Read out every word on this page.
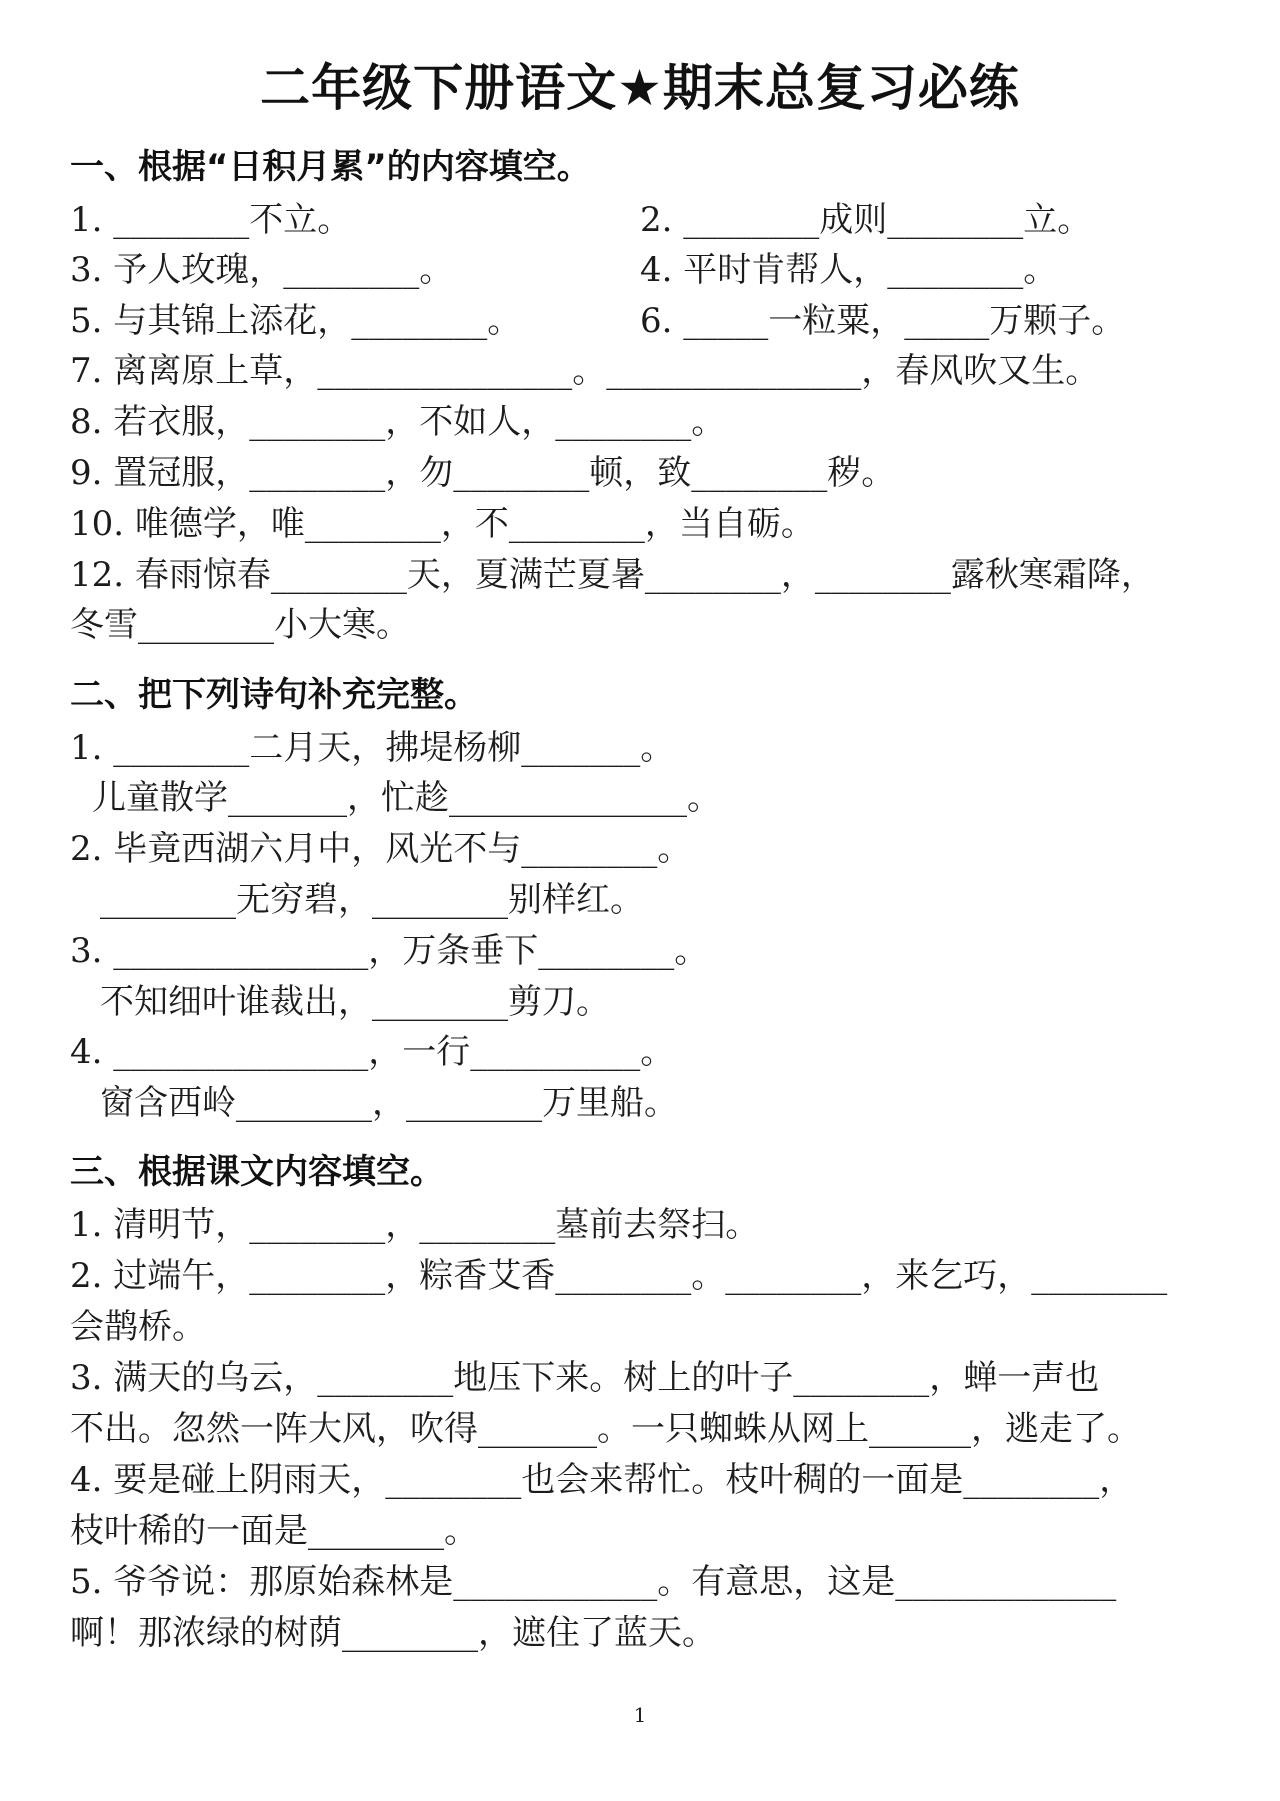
二年级下册语文★期末总复习必练
一、根据“日积月累”的内容填空。
1. ________不立。	2. ________成则________立。
3. 予人玫瑰，________。	4. 平时肯帮人，________。
5. 与其锦上添花，________。	6. _____一粒粟，_____万颗子。
7. 离离原上草，_______________。_______________，春风吹又生。
8. 若衣服，________，不如人，________。
9. 置冠服，________，勿________顿，致________秽。
10. 唯德学，唯________，不________，当自砺。
12. 春雨惊春________天，夏满芒夏暑________，________露秋寒霜降，
冬雪________小大寒。
二、把下列诗句补充完整。
1. ________二月天，拂堤杨柳_______。
儿童散学_______，忙趁______________。
2. 毕竟西湖六月中，风光不与________。
________无穷碧，________别样红。
3. _______________，万条垂下________。
不知细叶谁裁出，________剪刀。
4. _______________，一行__________。
窗含西岭________，________万里船。
三、根据课文内容填空。
1. 清明节，________，________墓前去祭扫。
2. 过端午，________，粽香艾香________。________，来乞巧，________
会鹊桥。
3. 满天的乌云，________地压下来。树上的叶子________，蝉一声也
不出。忽然一阵大风，吹得_______。一只蜘蛛从网上______，逃走了。
4. 要是碰上阴雨天，________也会来帮忙。枝叶稠的一面是________，
枝叶稀的一面是________。
5. 爷爷说：那原始森林是____________。有意思，这是_____________
啊！那浓绿的树荫________，遮住了蓝天。
1
